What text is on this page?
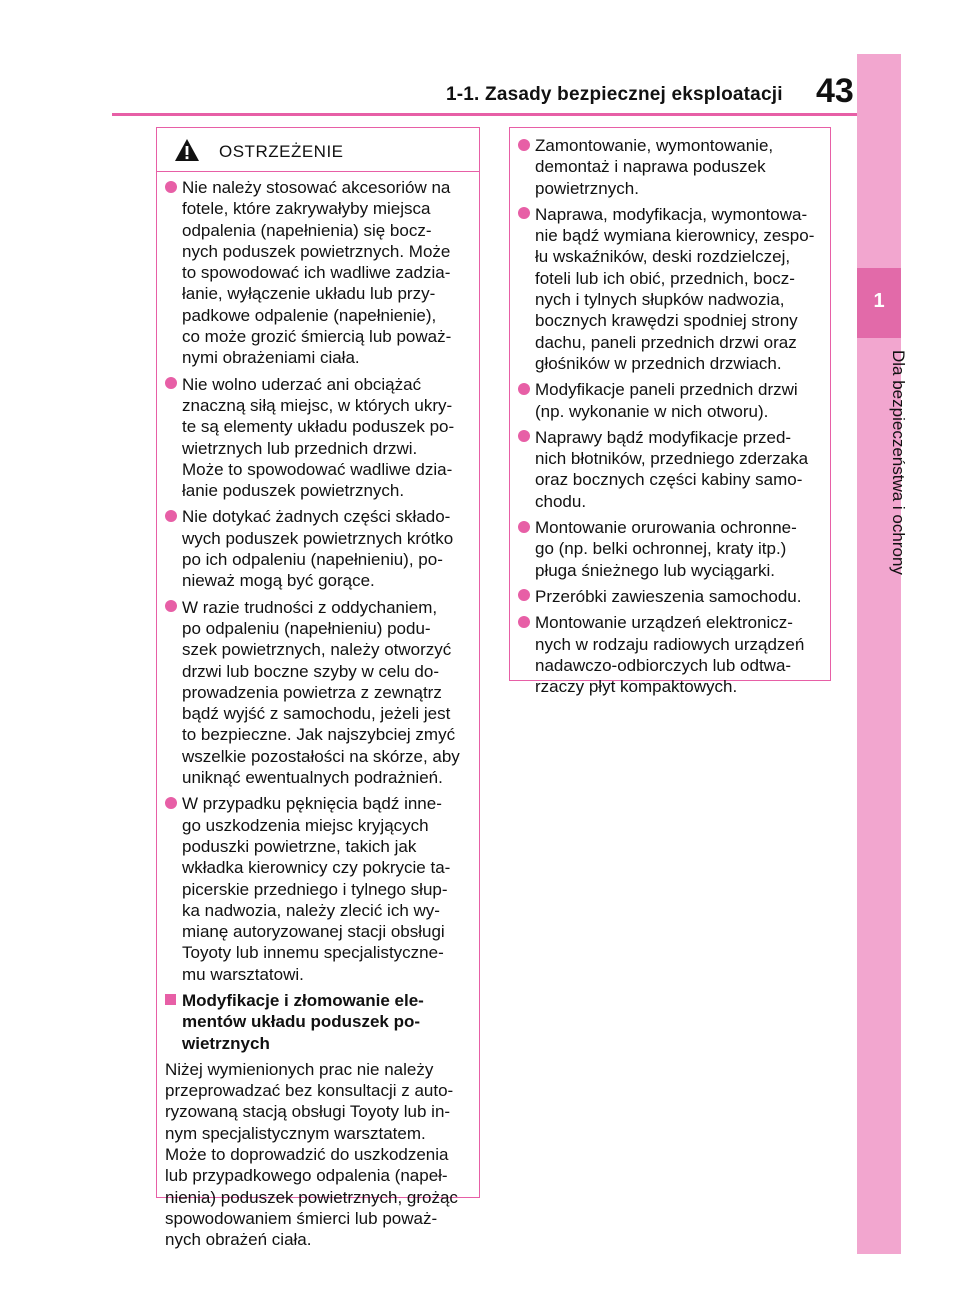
1-1. Zasady bezpiecznej eksploatacji 43
1
Dla bezpieczeństwa i ochrony
OSTRZEŻENIE
Nie należy stosować akcesoriów na
fotele, które zakrywałyby miejsca
odpalenia (napełnienia) się bocz-
nych poduszek powietrznych. Może
to spowodować ich wadliwe zadzia-
łanie, wyłączenie układu lub przy-
padkowe odpalenie (napełnienie),
co może grozić śmiercią lub poważ-
nymi obrażeniami ciała.
Nie wolno uderzać ani obciążać
znaczną siłą miejsc, w których ukry-
te są elementy układu poduszek po-
wietrznych lub przednich drzwi.
Może to spowodować wadliwe dzia-
łanie poduszek powietrznych.
Nie dotykać żadnych części składo-
wych poduszek powietrznych krótko
po ich odpaleniu (napełnieniu), po-
nieważ mogą być gorące.
W razie trudności z oddychaniem,
po odpaleniu (napełnieniu) podu-
szek powietrznych, należy otworzyć
drzwi lub boczne szyby w celu do-
prowadzenia powietrza z zewnątrz
bądź wyjść z samochodu, jeżeli jest
to bezpieczne. Jak najszybciej zmyć
wszelkie pozostałości na skórze, aby
uniknąć ewentualnych podrażnień.
W przypadku pęknięcia bądź inne-
go uszkodzenia miejsc kryjących
poduszki powietrzne, takich jak
wkładka kierownicy czy pokrycie ta-
picerskie przedniego i tylnego słup-
ka nadwozia, należy zlecić ich wy-
mianę autoryzowanej stacji obsługi
Toyoty lub innemu specjalistyczne-
mu warsztatowi.
Modyfikacje i złomowanie ele-
mentów układu poduszek po-
wietrznych
Niżej wymienionych prac nie należy
przeprowadzać bez konsultacji z auto-
ryzowaną stacją obsługi Toyoty lub in-
nym specjalistycznym warsztatem.
Może to doprowadzić do uszkodzenia
lub przypadkowego odpalenia (napeł-
nienia) poduszek powietrznych, grożąc
spowodowaniem śmierci lub poważ-
nych obrażeń ciała.
Zamontowanie, wymontowanie,
demontaż i naprawa poduszek
powietrznych.
Naprawa, modyfikacja, wymontowa-
nie bądź wymiana kierownicy, zespo-
łu wskaźników, deski rozdzielczej,
foteli lub ich obić, przednich, bocz-
nych i tylnych słupków nadwozia,
bocznych krawędzi spodniej strony
dachu, paneli przednich drzwi oraz
głośników w przednich drzwiach.
Modyfikacje paneli przednich drzwi
(np. wykonanie w nich otworu).
Naprawy bądź modyfikacje przed-
nich błotników, przedniego zderzaka
oraz bocznych części kabiny samo-
chodu.
Montowanie orurowania ochronne-
go (np. belki ochronnej, kraty itp.)
pługa śnieżnego lub wyciągarki.
Przeróbki zawieszenia samochodu.
Montowanie urządzeń elektronicz-
nych w rodzaju radiowych urządzeń
nadawczo-odbiorczych lub odtwa-
rzaczy płyt kompaktowych.
